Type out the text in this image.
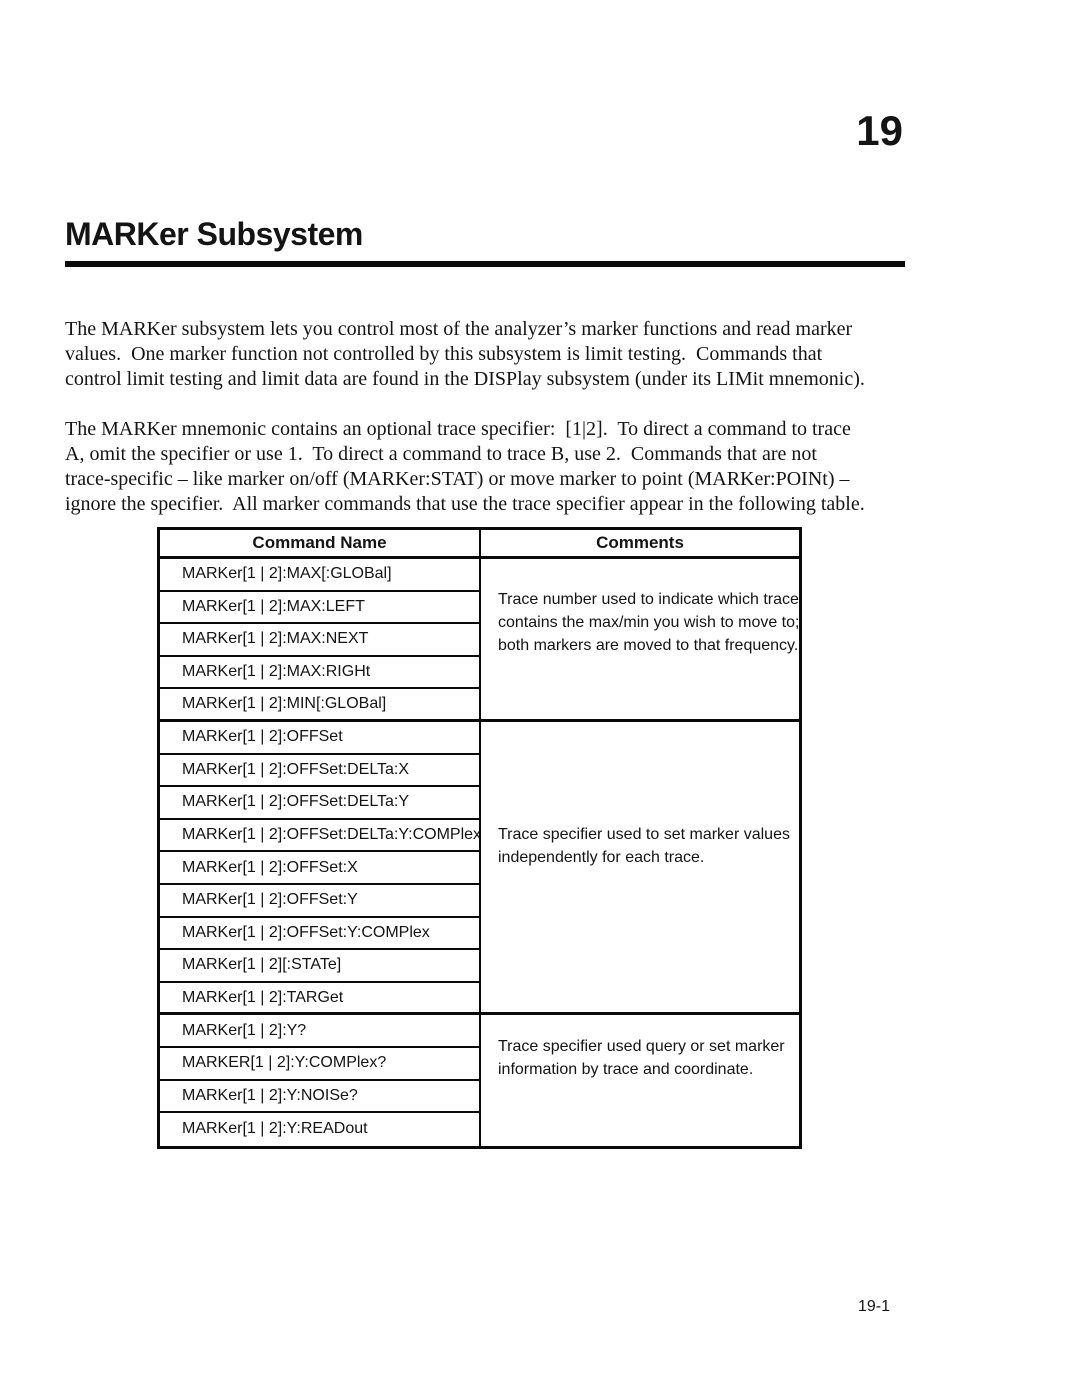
19
MARKer Subsystem
The MARKer subsystem lets you control most of the analyzer’s marker functions and read marker
values.  One marker function not controlled by this subsystem is limit testing.  Commands that
control limit testing and limit data are found in the DISPlay subsystem (under its LIMit mnemonic).
The MARKer mnemonic contains an optional trace specifier:  [1|2].  To direct a command to trace
A, omit the specifier or use 1.  To direct a command to trace B, use 2.  Commands that are not
trace-specific – like marker on/off (MARKer:STAT) or move marker to point (MARKer:POINt) –
ignore the specifier.  All marker commands that use the trace specifier appear in the following table.
Command Name	Comments
MARKer[1 | 2]:MAX[:GLOBal]
MARKer[1 | 2]:MAX:LEFT
MARKer[1 | 2]:MAX:NEXT
MARKer[1 | 2]:MAX:RIGHt
MARKer[1 | 2]:MIN[:GLOBal]
MARKer[1 | 2]:OFFSet
MARKer[1 | 2]:OFFSet:DELTa:X
MARKer[1 | 2]:OFFSet:DELTa:Y
MARKer[1 | 2]:OFFSet:DELTa:Y:COMPlex
MARKer[1 | 2]:OFFSet:X
MARKer[1 | 2]:OFFSet:Y
MARKer[1 | 2]:OFFSet:Y:COMPlex
MARKer[1 | 2][:STATe]
MARKer[1 | 2]:TARGet
MARKer[1 | 2]:Y?
MARKER[1 | 2]:Y:COMPlex?
MARKer[1 | 2]:Y:NOISe?
MARKer[1 | 2]:Y:READout
Trace number used to indicate which trace
contains the max/min you wish to move to;
both markers are moved to that frequency.
Trace specifier used to set marker values
independently for each trace.
Trace specifier used query or set marker
information by trace and coordinate.
19-1
